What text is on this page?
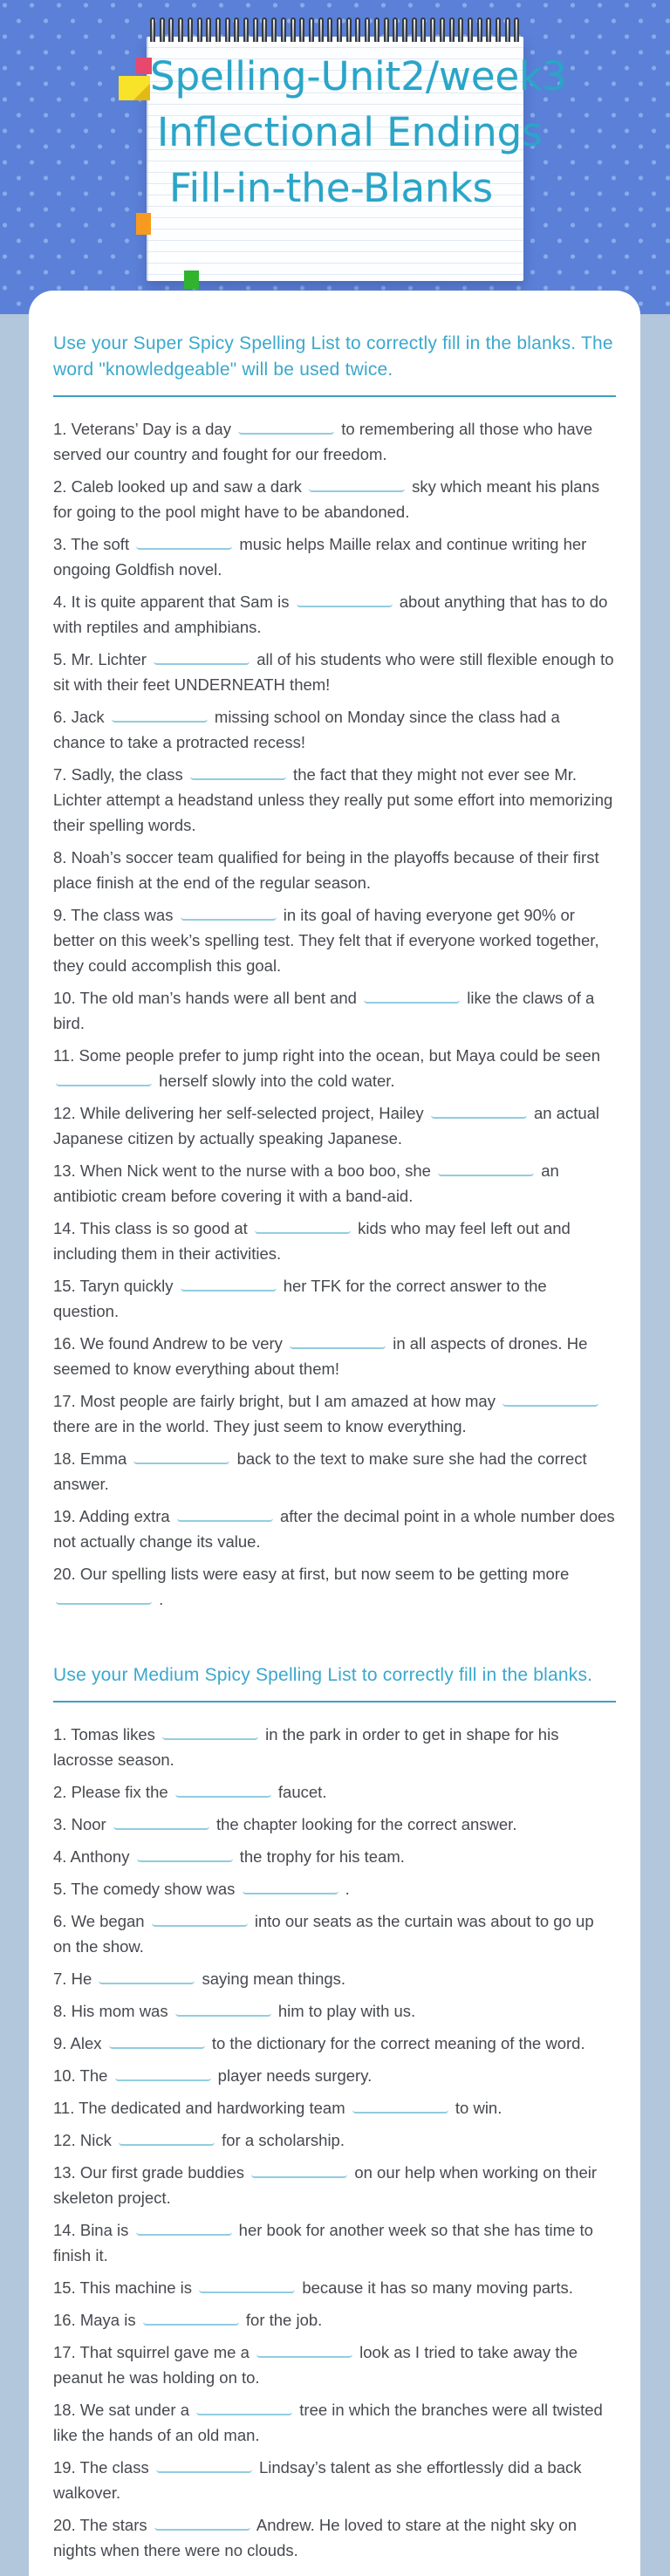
Spelling-Unit2/week3
Inflectional Endings
Fill-in-the-Blanks

Use your Super Spicy Spelling List to correctly fill in the blanks. The word "knowledgeable" will be used twice.

1. Veterans’ Day is a day	to remembering all those who have served our country and fought for our freedom.

2. Caleb looked up and saw a dark	sky which meant his plans for going to the pool might have to be abandoned.

3. The soft	music helps Maille relax and continue writing her ongoing Goldfish novel.

4. It is quite apparent that Sam is	about anything that has to do with reptiles and amphibians.

5. Mr. Lichter	all of his students who were still flexible enough to sit with their feet UNDERNEATH them!

6. Jack	missing school on Monday since the class had a chance to take a protracted recess!

7. Sadly, the class	the fact that they might not ever see Mr. Lichter attempt a headstand unless they really put some effort into memorizing their spelling words.

8. Noah’s soccer team qualified for being in the playoffs because of their first place finish at the end of the regular season.

9. The class was	in its goal of having everyone get 90% or better on this week’s spelling test. They felt that if everyone worked together, they could accomplish this goal.

10. The old man’s hands were all bent and	like the claws of a bird.

11. Some people prefer to jump right into the ocean, but Maya could be seen  herself slowly into the cold water.

12. While delivering her self-selected project, Hailey	an actual Japanese citizen by actually speaking Japanese.

13. When Nick went to the nurse with a boo boo, she	an antibiotic cream before covering it with a band-aid.

14. This class is so good at	kids who may feel left out and including them in their activities.

15. Taryn quickly	her TFK for the correct answer to the question.

16. We found Andrew to be very	in all aspects of drones. He seemed to know everything about them!

17. Most people are fairly bright, but I am amazed at how may  there are in the world. They just seem to know everything.

18. Emma	back to the text to make sure she had the correct answer.

19. Adding extra	after the decimal point in a whole number does not actually change its value.

20. Our spelling lists were easy at first, but now seem to be getting more  .

Use your Medium Spicy Spelling List to correctly fill in the blanks.

1. Tomas likes	in the park in order to get in shape for his lacrosse season.

2. Please fix the	faucet.

3. Noor	the chapter looking for the correct answer.

4. Anthony	the trophy for his team.

5. The comedy show was	.

6. We began	into our seats as the curtain was about to go up on the show.

7. He	saying mean things.

8. His mom was	him to play with us.

9. Alex	to the dictionary for the correct meaning of the word.

10. The	player needs surgery.

11. The dedicated and hardworking team	to win.

12. Nick	for a scholarship.

13. Our first grade buddies	on our help when working on their skeleton project.

14. Bina is	her book for another week so that she has time to finish it.

15. This machine is	because it has so many moving parts.

16. Maya is	for the job.

17. That squirrel gave me a	look as I tried to take away the peanut he was holding on to.

18. We sat under a	tree in which the branches were all twisted like the hands of an old man.

19. The class	Lindsay’s talent as she effortlessly did a back walkover.

20. The stars	Andrew. He loved to stare at the night sky on nights when there were no clouds.
